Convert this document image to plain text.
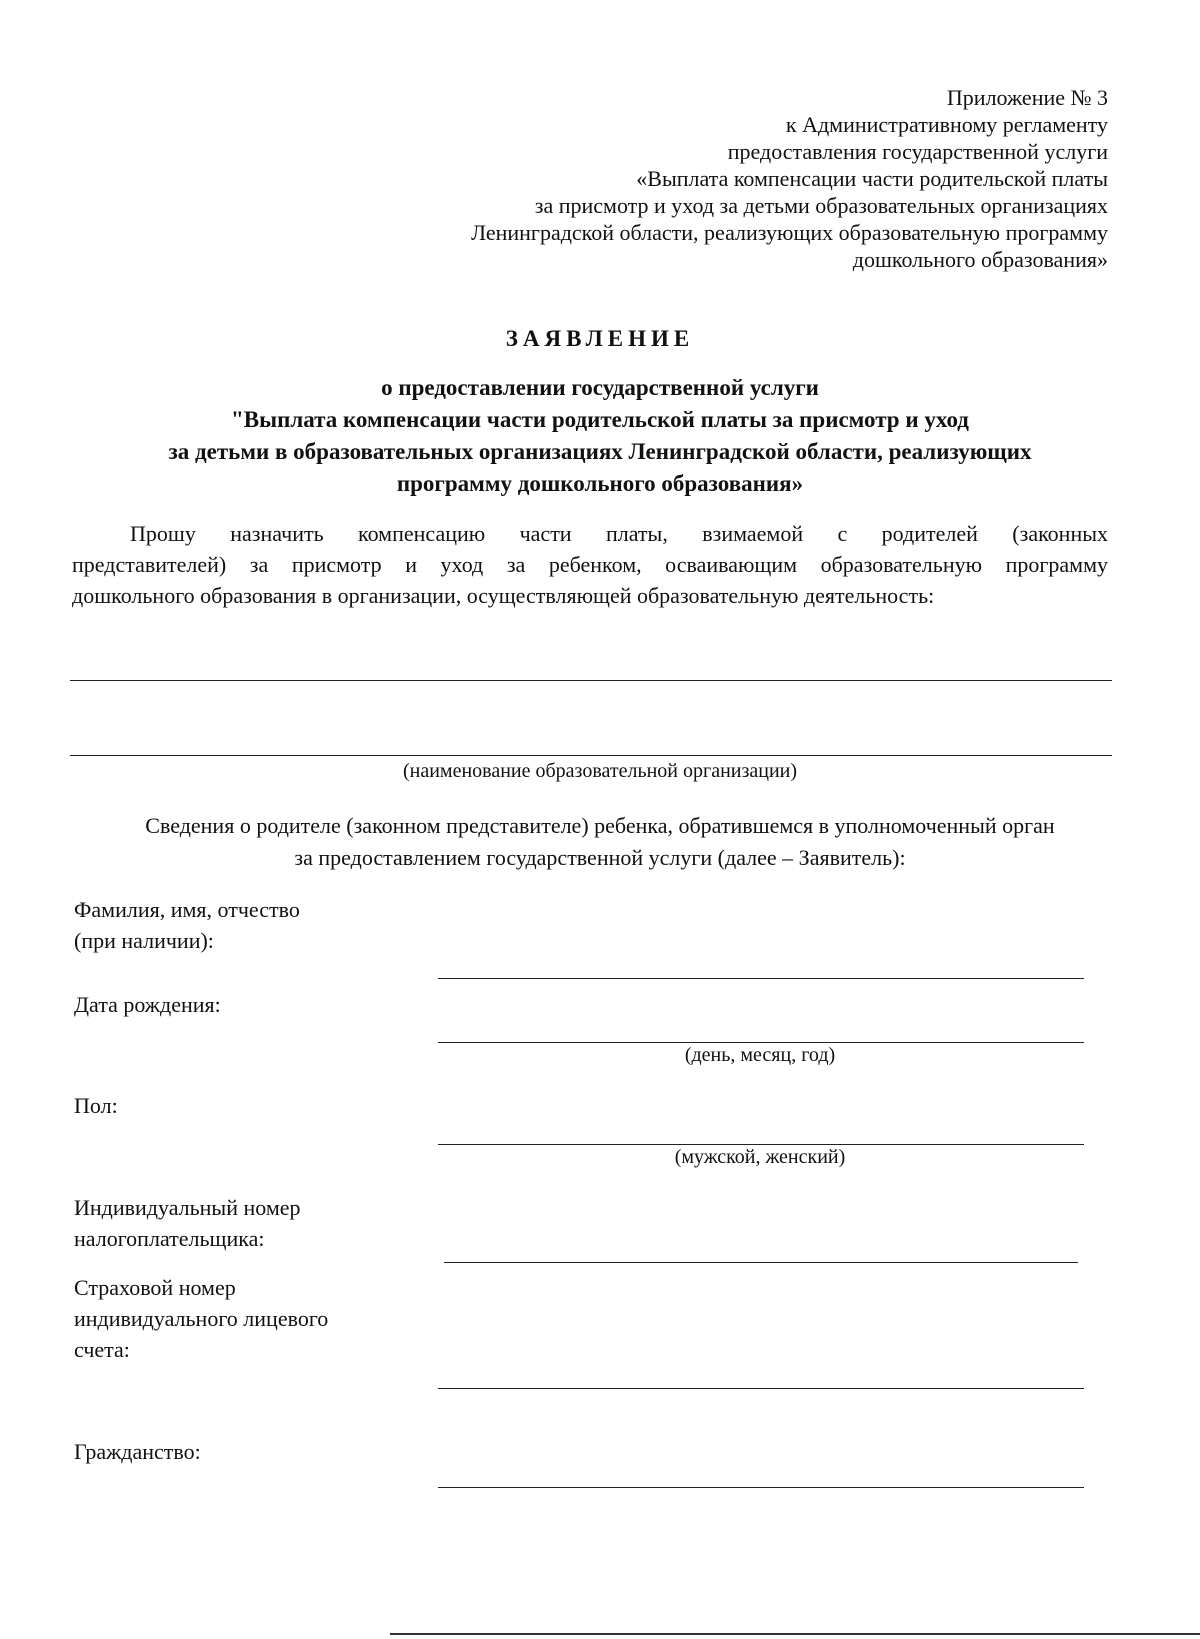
Приложение № 3
к Административному регламенту
предоставления государственной услуги
«Выплата компенсации части родительской платы
за присмотр и уход за детьми образовательных организациях
Ленинградской области, реализующих образовательную программу
дошкольного образования»
ЗАЯВЛЕНИЕ
о предоставлении государственной услуги
"Выплата компенсации части родительской платы за присмотр и уход
за детьми в образовательных организациях Ленинградской области, реализующих
программу дошкольного образования»
Прошу назначить компенсацию части платы, взимаемой с родителей (законных
представителей) за присмотр и уход за ребенком, осваивающим образовательную программу
дошкольного образования в организации, осуществляющей образовательную деятельность:
(наименование образовательной организации)
Сведения о родителе (законном представителе) ребенка, обратившемся в уполномоченный орган
за предоставлением государственной услуги (далее – Заявитель):
Фамилия, имя, отчество
(при наличии):
Дата рождения:
(день, месяц, год)
Пол:
(мужской, женский)
Индивидуальный номер
налогоплательщика:
Страховой номер
индивидуального лицевого
счета:
Гражданство:
